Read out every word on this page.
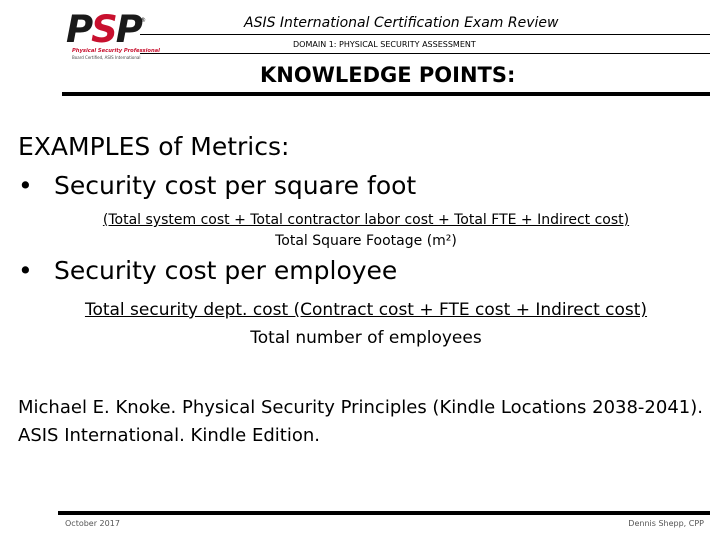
PSP ®
Physical Security Professional
Board Certified, ASIS International
ASIS International Certification Exam Review
DOMAIN 1: PHYSICAL SECURITY ASSESSMENT
KNOWLEDGE POINTS:
EXAMPLES of Metrics:
• Security cost per square foot
(Total system cost + Total contractor labor cost + Total FTE + Indirect cost)
Total Square Footage (m²)
• Security cost per employee
Total security dept. cost (Contract cost + FTE cost + Indirect cost)
Total number of employees
Michael E. Knoke. Physical Security Principles (Kindle Locations 2038-2041). ASIS International. Kindle Edition.
October 2017	Dennis Shepp, CPP
